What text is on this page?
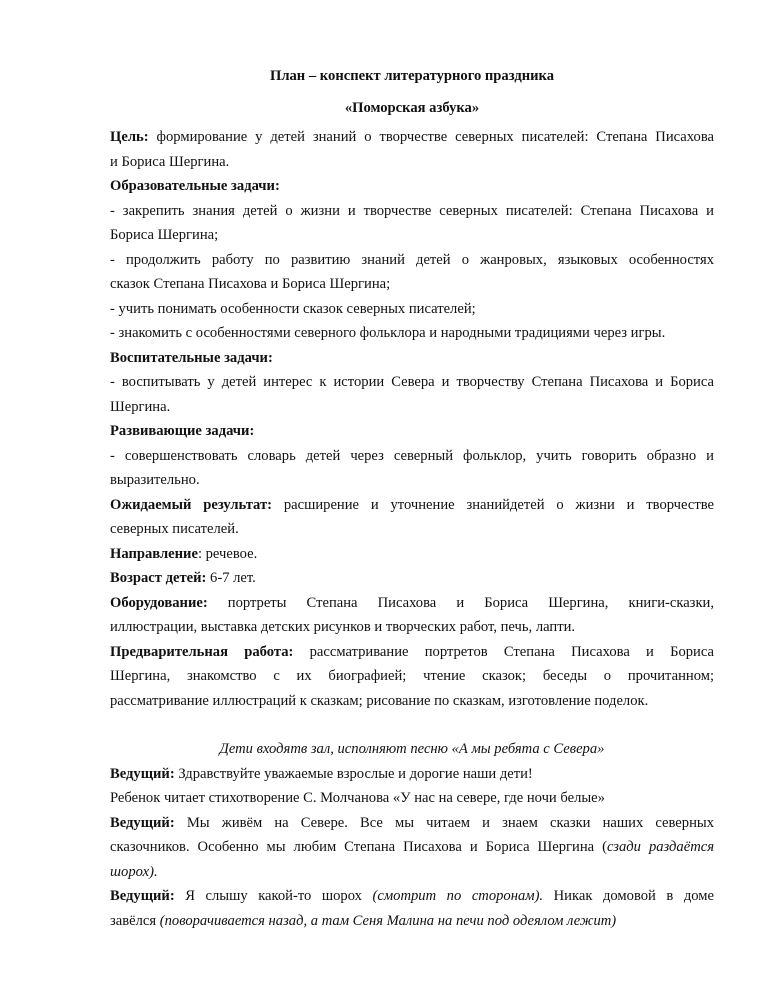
План – конспект литературного праздника
«Поморская азбука»
Цель: формирование у детей знаний о творчестве северных писателей: Степана Писахова
и Бориса Шергина.
Образовательные задачи:
- закрепить знания детей о жизни и творчестве северных писателей: Степана Писахова и
Бориса Шергина;
- продолжить работу по развитию знаний детей о жанровых, языковых особенностях
сказок Степана Писахова и Бориса Шергина;
- учить понимать особенности сказок северных писателей;
- знакомить с особенностями северного фольклора и народными традициями через игры.
Воспитательные задачи:
- воспитывать у детей интерес к истории Севера и творчеству Степана Писахова и Бориса
Шергина.
Развивающие задачи:
- совершенствовать словарь детей через северный фольклор, учить говорить образно и
выразительно.
Ожидаемый результат: расширение и уточнение знанийдетей о жизни и творчестве
северных писателей.
Направление: речевое.
Возраст детей: 6-7 лет.
Оборудование: портреты Степана Писахова и Бориса Шергина, книги-сказки,
иллюстрации, выставка детских рисунков и творческих работ, печь, лапти.
Предварительная работа: рассматривание портретов Степана Писахова и Бориса
Шергина, знакомство с их биографией; чтение сказок; беседы о прочитанном;
рассматривание иллюстраций к сказкам; рисование по сказкам, изготовление поделок.
Дети входятв зал, исполняют песню «А мы ребята с Севера»
Ведущий: Здравствуйте уважаемые взрослые и дорогие наши дети!
Ребенок читает стихотворение С. Молчанова «У нас на севере, где ночи белые»
Ведущий: Мы живём на Севере. Все мы читаем и знаем сказки наших северных
сказочников. Особенно мы любим Степана Писахова и Бориса Шергина (сзади раздаётся
шорох).
Ведущий: Я слышу какой-то шорох (смотрит по сторонам). Никак домовой в доме
завёлся (поворачивается назад, а там Сеня Малина на печи под одеялом лежит)
